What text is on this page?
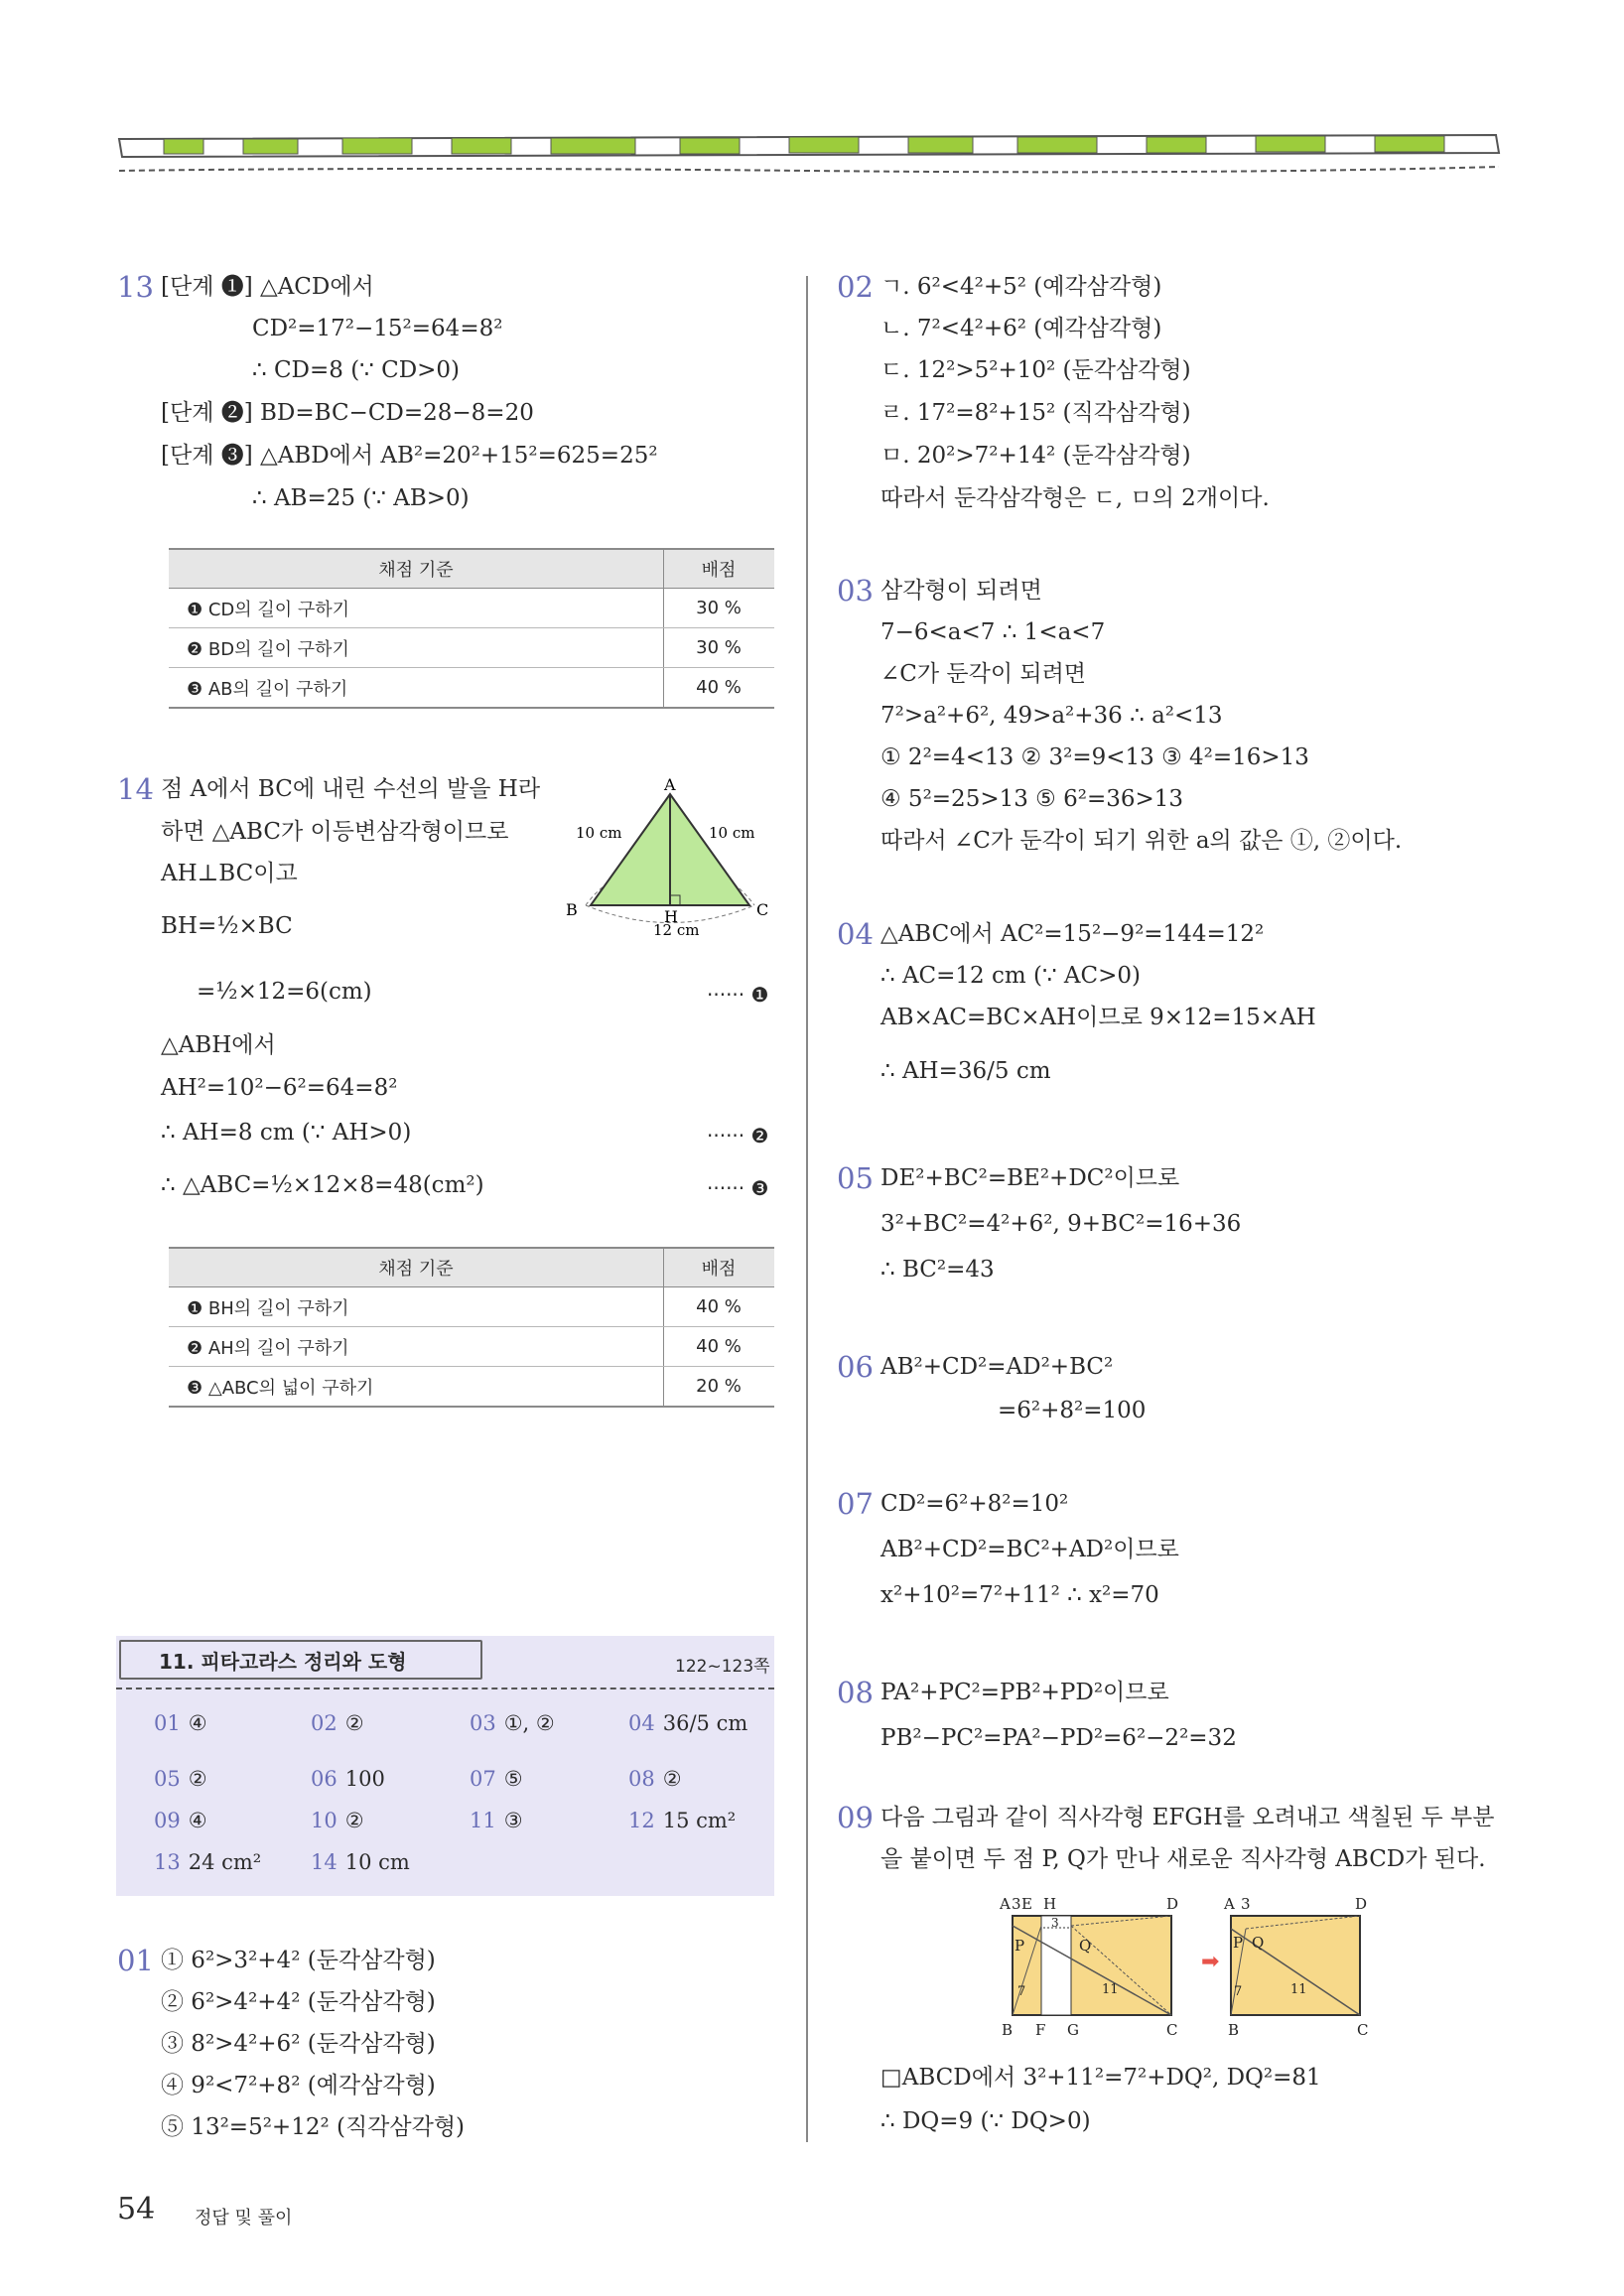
13 [단계 ❶] △ACD에서
CD²=17²−15²=64=8²
∴ CD=8 (∵ CD>0)
[단계 ❷] BD=BC−CD=28−8=20
[단계 ❸] △ABD에서 AB²=20²+15²=625=25²
∴ AB=25 (∵ AB>0)
채점 기준	배점
❶ CD의 길이 구하기	30 %
❷ BD의 길이 구하기	30 %
❸ AB의 길이 구하기	40 %
14 점 A에서 BC에 내린 수선의 발을 H라
하면 △ABC가 이등변삼각형이므로
AH⊥BC이고
BH=½×BC
=½×12=6(cm)
△ABH에서
AH²=10²−6²=64=8²
∴ AH=8 cm (∵ AH>0)
∴ △ABC=½×12×8=48(cm²)
······ ❶
······ ❷
······ ❸
A
B	C
H
10 cm	10 cm
12 cm
채점 기준	배점
❶ BH의 길이 구하기	40 %
❷ AH의 길이 구하기	40 %
❸ △ABC의 넓이 구하기	20 %
11. 피타고라스 정리와 도형	122~123쪽
01 ④	02 ②	03 ①, ②	04 36/5 cm
05 ②	06 100	07 ⑤	08 ②
09 ④	10 ②	11 ③	12 15 cm²
13 24 cm² 14 10 cm
01 ① 6²>3²+4² (둔각삼각형)
② 6²>4²+4² (둔각삼각형)
③ 8²>4²+6² (둔각삼각형)
④ 9²<7²+8² (예각삼각형)
⑤ 13²=5²+12² (직각삼각형)
02 ㄱ. 6²<4²+5² (예각삼각형)
ㄴ. 7²<4²+6² (예각삼각형)
ㄷ. 12²>5²+10² (둔각삼각형)
ㄹ. 17²=8²+15² (직각삼각형)
ㅁ. 20²>7²+14² (둔각삼각형)
따라서 둔각삼각형은 ㄷ, ㅁ의 2개이다.
03 삼각형이 되려면
7−6<a<7 ∴ 1<a<7
∠C가 둔각이 되려면
7²>a²+6², 49>a²+36 ∴ a²<13
① 2²=4<13 ② 3²=9<13 ③ 4²=16>13
④ 5²=25>13 ⑤ 6²=36>13
따라서 ∠C가 둔각이 되기 위한 a의 값은 ①, ②이다.
04 △ABC에서 AC²=15²−9²=144=12²
∴ AC=12 cm (∵ AC>0)
AB×AC=BC×AH이므로 9×12=15×AH
∴ AH=36/5 cm
05 DE²+BC²=BE²+DC²이므로
3²+BC²=4²+6², 9+BC²=16+36
∴ BC²=43
06 AB²+CD²=AD²+BC²
=6²+8²=100
07 CD²=6²+8²=10²
AB²+CD²=BC²+AD²이므로
x²+10²=7²+11² ∴ x²=70
08 PA²+PC²=PB²+PD²이므로
PB²−PC²=PA²−PD²=6²−2²=32
09 다음 그림과 같이 직사각형 EFGH를 오려내고 색칠된 두 부분
을 붙이면 두 점 P, Q가 만나 새로운 직사각형 ABCD가 된다.
➡
A 3 E H	D
P	Q
3
7	11
B F G	C
A 3	D
P Q
7	11
B	C
□ABCD에서 3²+11²=7²+DQ², DQ²=81
∴ DQ=9 (∵ DQ>0)
54 정답 및 풀이
